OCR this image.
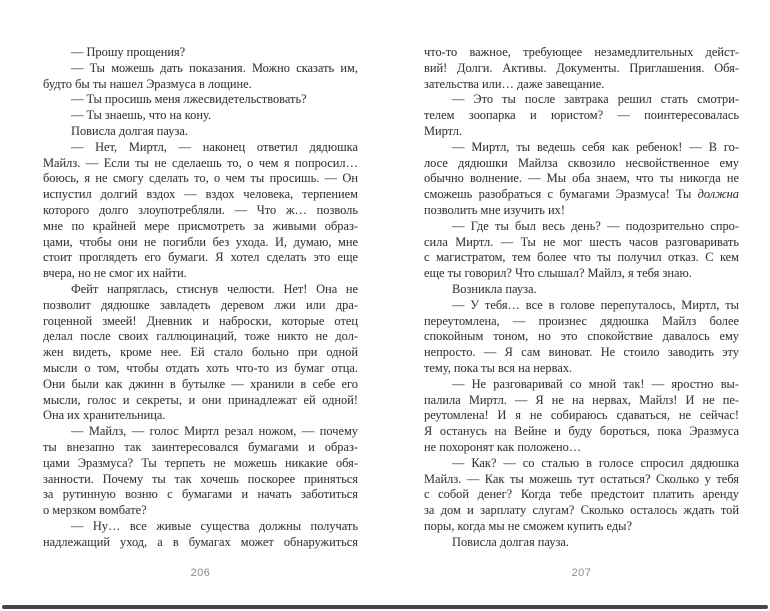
— Прошу прощения?
— Ты можешь дать показания. Можно сказать им,
будто бы ты нашел Эразмуса в лощине.
— Ты просишь меня лжесвидетельствовать?
— Ты знаешь, что на кону.
Повисла долгая пауза.
— Нет, Миртл, — наконец ответил дядюшка
Майлз. — Если ты не сделаешь то, о чем я попросил…
боюсь, я не смогу сделать то, о чем ты просишь. — Он
испустил долгий вздох — вздох человека, терпением
которого долго злоупотребляли. — Что ж… позволь
мне по крайней мере присмотреть за живыми образ-
цами, чтобы они не погибли без ухода. И, думаю, мне
стоит проглядеть его бумаги. Я хотел сделать это еще
вчера, но не смог их найти.
Фейт напряглась, стиснув челюсти. Нет! Она не
позволит дядюшке завладеть деревом лжи или дра-
гоценной змеей! Дневник и наброски, которые отец
делал после своих галлюцинаций, тоже никто не дол-
жен видеть, кроме нее. Ей стало больно при одной
мысли о том, чтобы отдать хоть что-то из бумаг отца.
Они были как джинн в бутылке — хранили в себе его
мысли, голос и секреты, и они принадлежат ей одной!
Она их хранительница.
— Майлз, — голос Миртл резал ножом, — почему
ты внезапно так заинтересовался бумагами и образ-
цами Эразмуса? Ты терпеть не можешь никакие обя-
занности. Почему ты так хочешь поскорее приняться
за рутинную возню с бумагами и начать заботиться
о мерзком вомбате?
— Ну… все живые существа должны получать
надлежащий уход, а в бумагах может обнаружиться
206
что-то важное, требующее незамедлительных дейст-
вий! Долги. Активы. Документы. Приглашения. Обя-
зательства или… даже завещание.
— Это ты после завтрака решил стать смотри-
телем зоопарка и юристом? — поинтересовалась
Миртл.
— Миртл, ты ведешь себя как ребенок! — В го-
лосе дядюшки Майлза сквозило несвойственное ему
обычно волнение. — Мы оба знаем, что ты никогда не
сможешь разобраться с бумагами Эразмуса! Ты должна
позволить мне изучить их!
— Где ты был весь день? — подозрительно спро-
сила Миртл. — Ты не мог шесть часов разговаривать
с магистратом, тем более что ты получил отказ. С кем
еще ты говорил? Что слышал? Майлз, я тебя знаю.
Возникла пауза.
— У тебя… все в голове перепуталось, Миртл, ты
переутомлена, — произнес дядюшка Майлз более
спокойным тоном, но это спокойствие давалось ему
непросто. — Я сам виноват. Не стоило заводить эту
тему, пока ты вся на нервах.
— Не разговаривай со мной так! — яростно вы-
палила Миртл. — Я не на нервах, Майлз! И не пе-
реутомлена! И я не собираюсь сдаваться, не сейчас!
Я останусь на Вейне и буду бороться, пока Эразмуса
не похоронят как положено…
— Как? — со сталью в голосе спросил дядюшка
Майлз. — Как ты можешь тут остаться? Сколько у тебя
с собой денег? Когда тебе предстоит платить аренду
за дом и зарплату слугам? Сколько осталось ждать той
поры, когда мы не сможем купить еды?
Повисла долгая пауза.
207
